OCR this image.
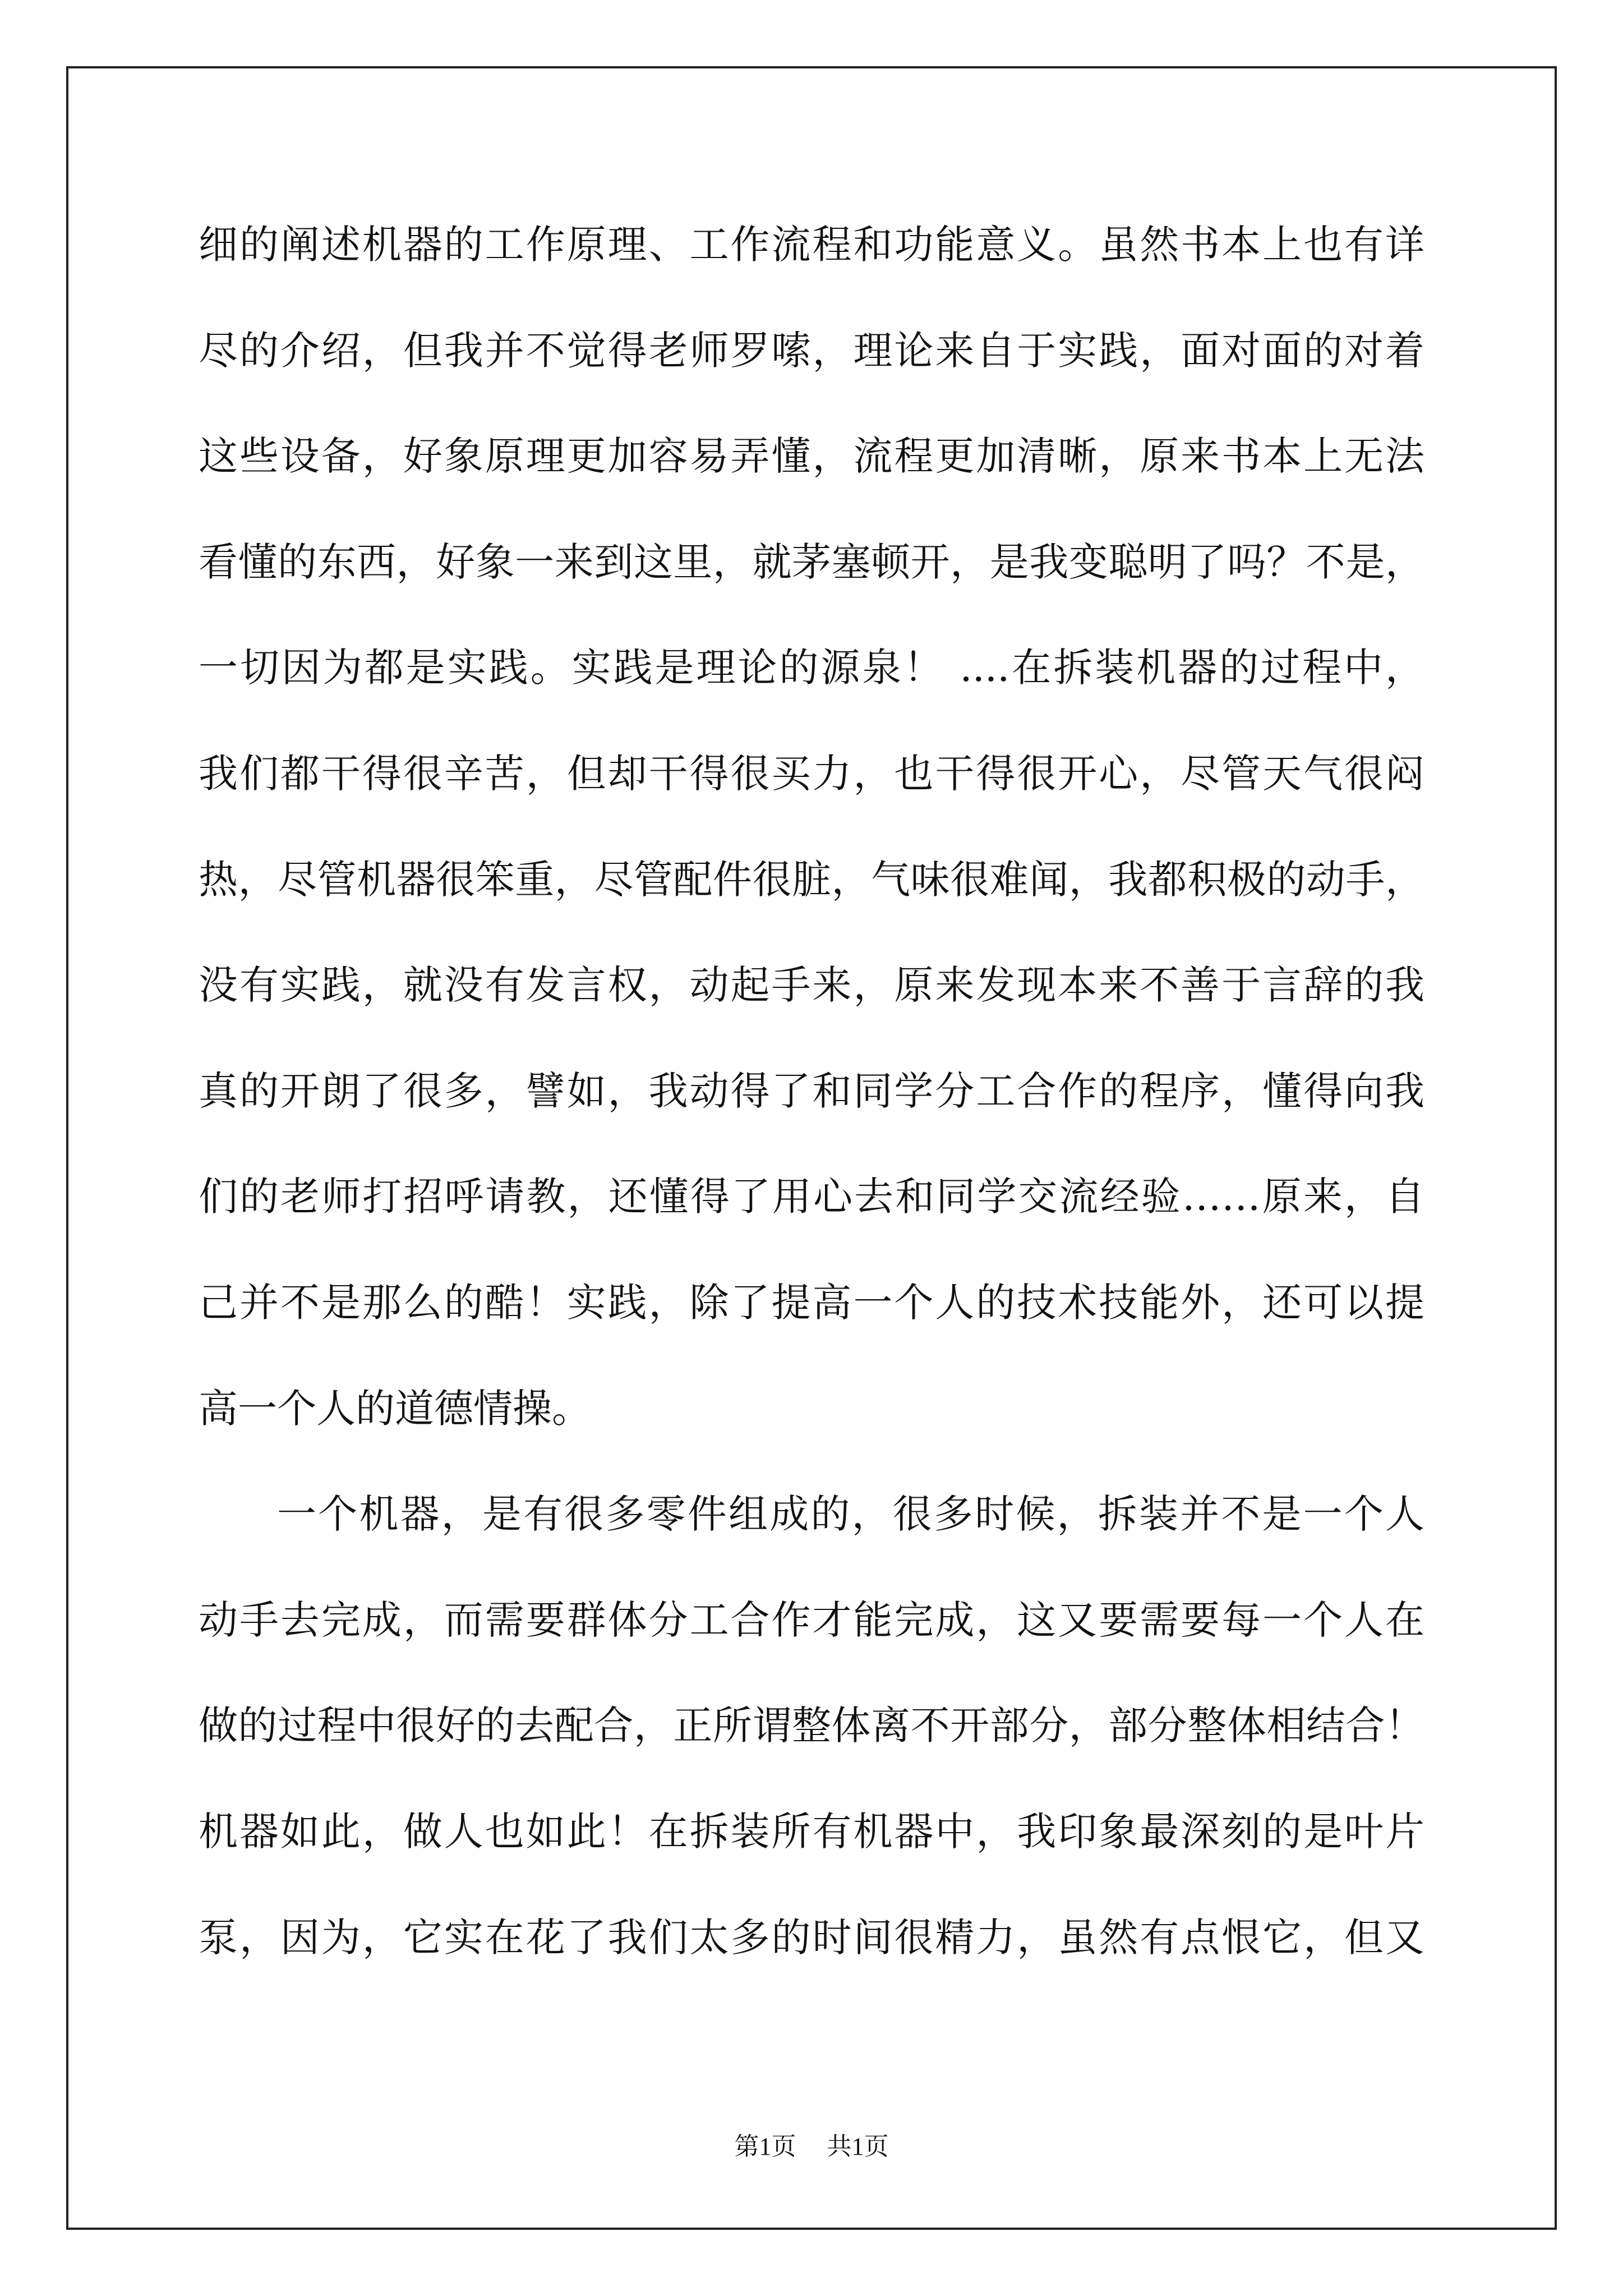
细的阐述机器的工作原理、工作流程和功能意义。虽然书本上也有详
尽的介绍，但我并不觉得老师罗嗦，理论来自于实践，面对面的对着
这些设备，好象原理更加容易弄懂，流程更加清晰，原来书本上无法
看懂的东西，好象一来到这里，就茅塞顿开，是我变聪明了吗？不是，
一切因为都是实践。实践是理论的源泉！ ....在拆装机器的过程中，
我们都干得很辛苦，但却干得很买力，也干得很开心，尽管天气很闷
热，尽管机器很笨重，尽管配件很脏，气味很难闻，我都积极的动手，
没有实践，就没有发言权，动起手来，原来发现本来不善于言辞的我
真的开朗了很多，譬如，我动得了和同学分工合作的程序，懂得向我
们的老师打招呼请教，还懂得了用心去和同学交流经验……原来，自
己并不是那么的酷！实践，除了提高一个人的技术技能外，还可以提
高一个人的道德情操。
一个机器，是有很多零件组成的，很多时候，拆装并不是一个人
动手去完成，而需要群体分工合作才能完成，这又要需要每一个人在
做的过程中很好的去配合，正所谓整体离不开部分，部分整体相结合！
机器如此，做人也如此！在拆装所有机器中，我印象最深刻的是叶片
泵，因为，它实在花了我们太多的时间很精力，虽然有点恨它，但又
第1页 共1页
